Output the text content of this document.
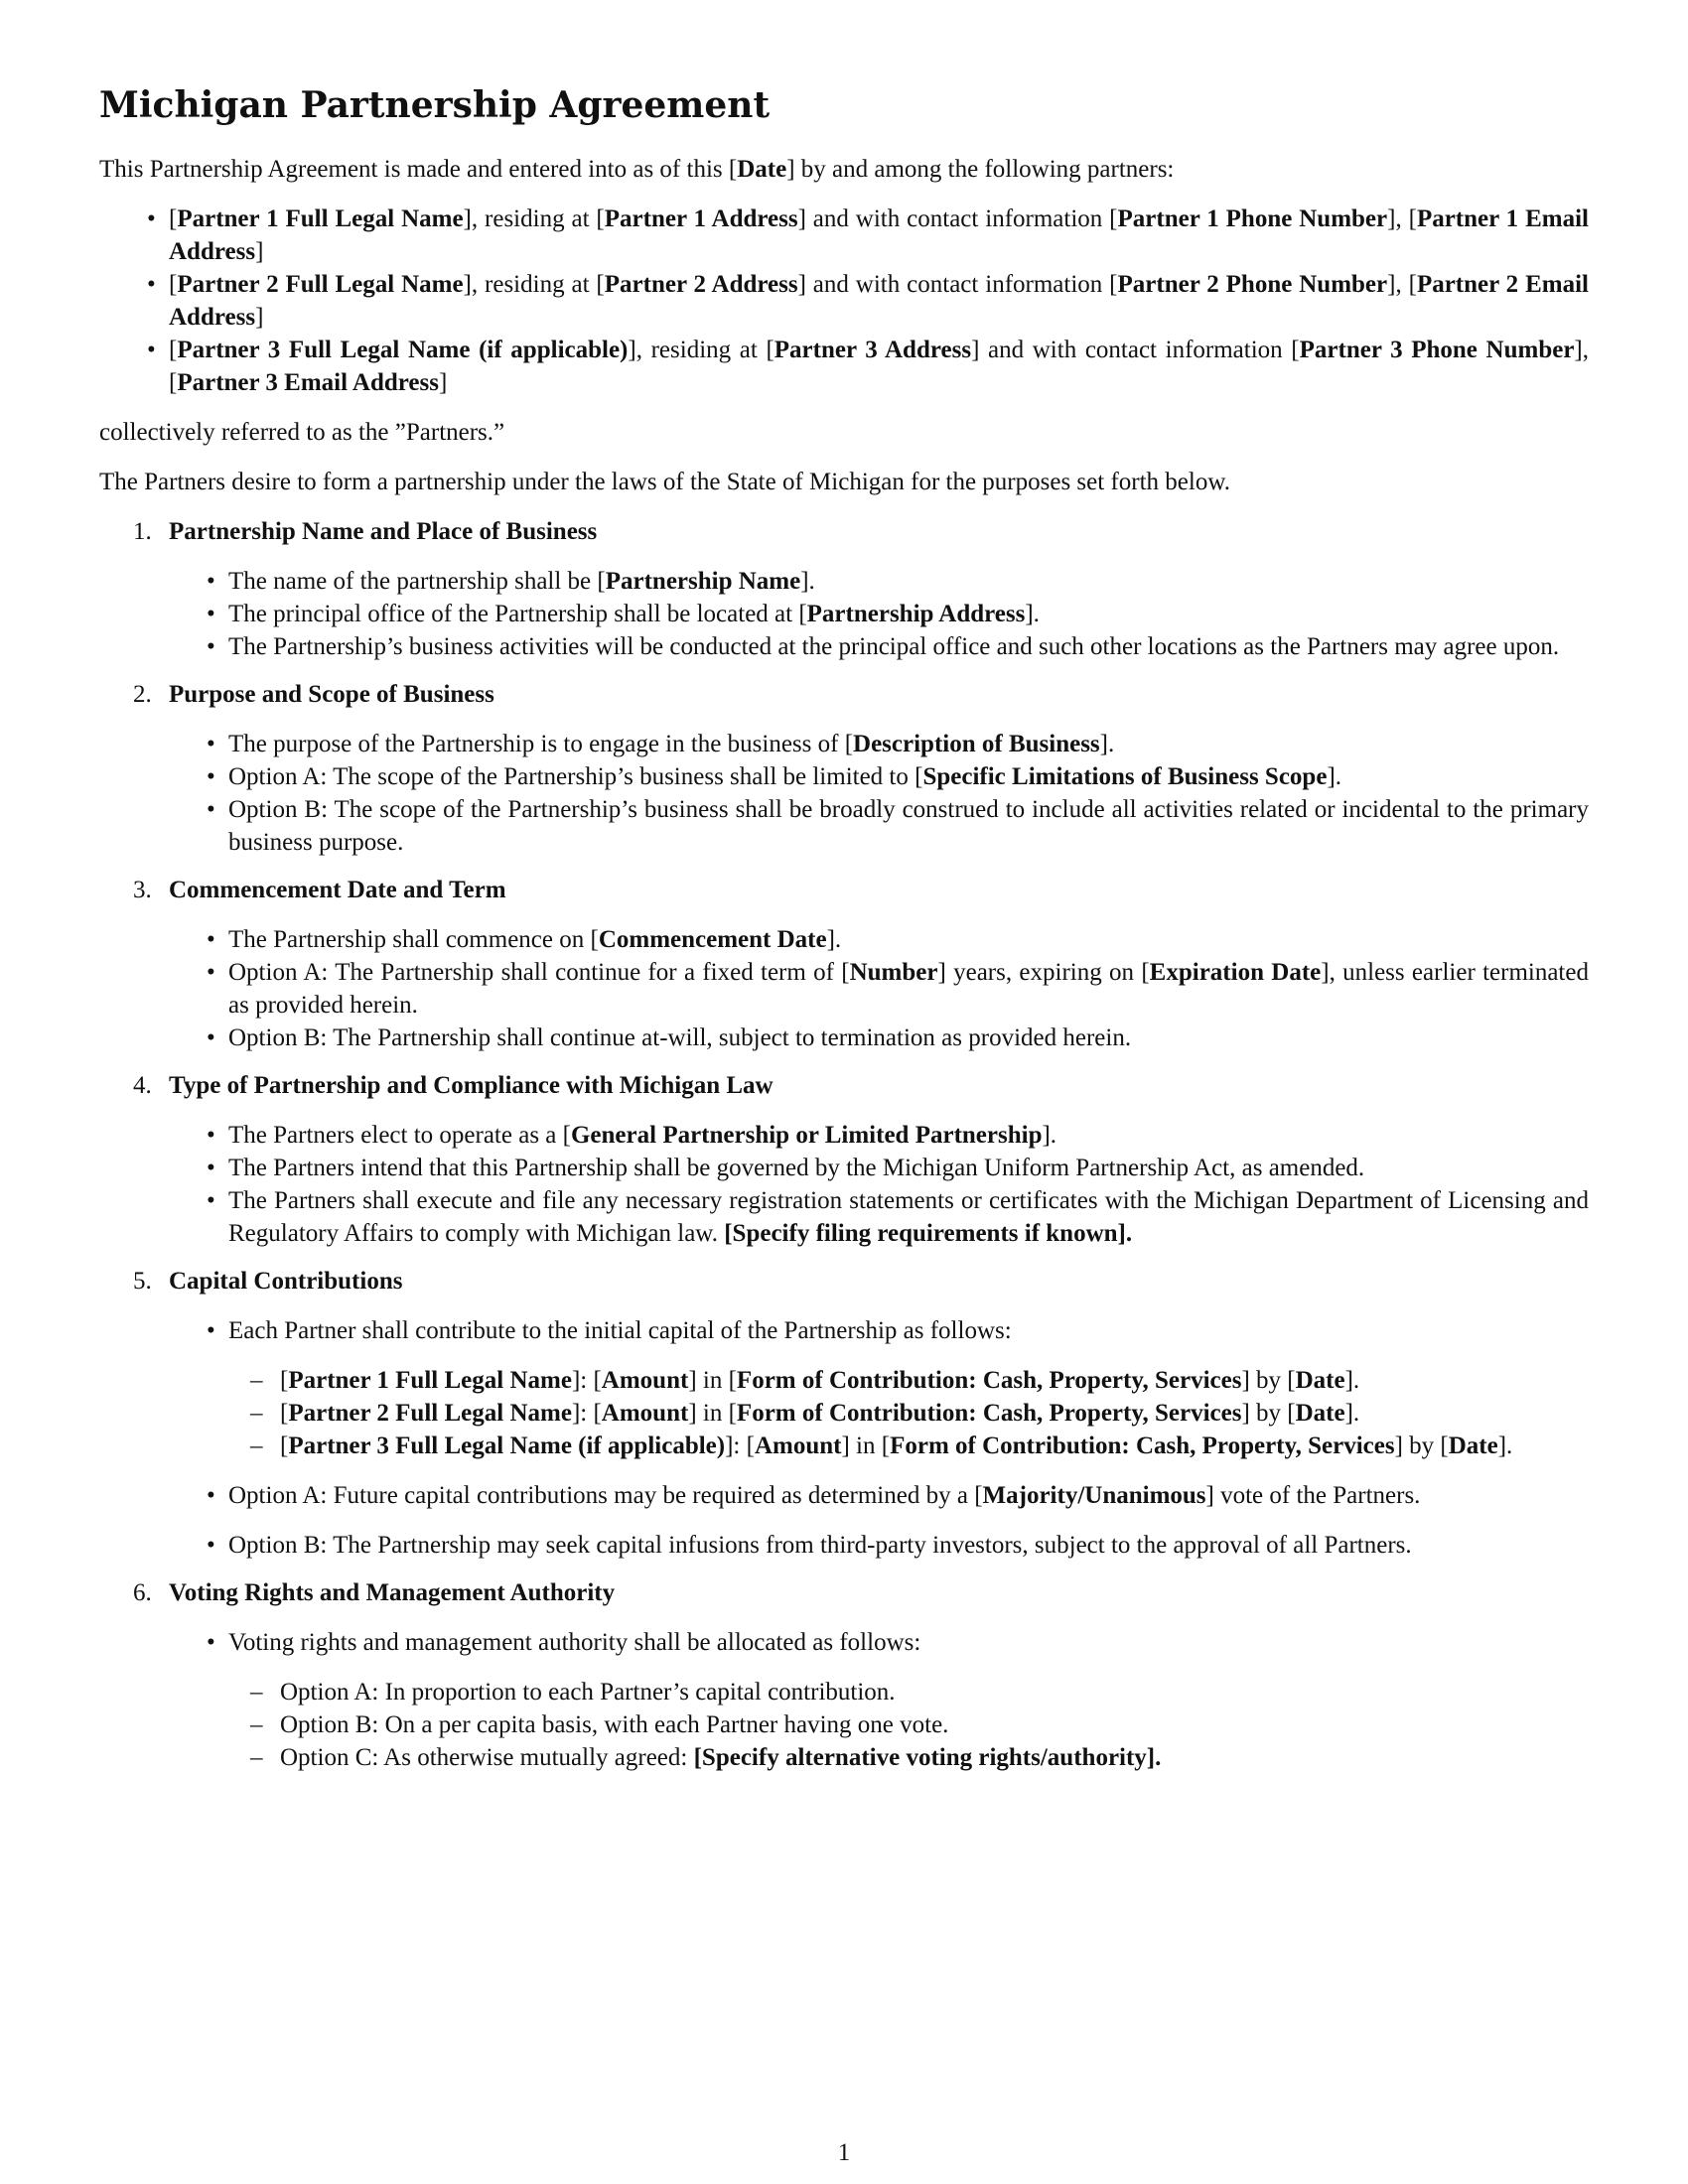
Michigan Partnership Agreement

This Partnership Agreement is made and entered into as of this [Date] by and among the following partners:

• [Partner 1 Full Legal Name], residing at [Partner 1 Address] and with contact information [Partner 1 Phone Number], [Partner 1 Email Address]
• [Partner 2 Full Legal Name], residing at [Partner 2 Address] and with contact information [Partner 2 Phone Number], [Partner 2 Email Address]
• [Partner 3 Full Legal Name (if applicable)], residing at [Partner 3 Address] and with contact information [Partner 3 Phone Number], [Partner 3 Email Address]

collectively referred to as the ”Partners.”

The Partners desire to form a partnership under the laws of the State of Michigan for the purposes set forth below.

1. Partnership Name and Place of Business
• The name of the partnership shall be [Partnership Name].
• The principal office of the Partnership shall be located at [Partnership Address].
• The Partnership’s business activities will be conducted at the principal office and such other locations as the Partners may agree upon.
2. Purpose and Scope of Business
• The purpose of the Partnership is to engage in the business of [Description of Business].
• Option A: The scope of the Partnership’s business shall be limited to [Specific Limitations of Business Scope].
• Option B: The scope of the Partnership’s business shall be broadly construed to include all activities related or incidental to the primary business purpose.
3. Commencement Date and Term
• The Partnership shall commence on [Commencement Date].
• Option A: The Partnership shall continue for a fixed term of [Number] years, expiring on [Expiration Date], unless earlier terminated as provided herein.
• Option B: The Partnership shall continue at-will, subject to termination as provided herein.
4. Type of Partnership and Compliance with Michigan Law
• The Partners elect to operate as a [General Partnership or Limited Partnership].
• The Partners intend that this Partnership shall be governed by the Michigan Uniform Partnership Act, as amended.
• The Partners shall execute and file any necessary registration statements or certificates with the Michigan Department of Licensing and Regulatory Affairs to comply with Michigan law. [Specify filing requirements if known].
5. Capital Contributions
• Each Partner shall contribute to the initial capital of the Partnership as follows:
– [Partner 1 Full Legal Name]: [Amount] in [Form of Contribution: Cash, Property, Services] by [Date].
– [Partner 2 Full Legal Name]: [Amount] in [Form of Contribution: Cash, Property, Services] by [Date].
– [Partner 3 Full Legal Name (if applicable)]: [Amount] in [Form of Contribution: Cash, Property, Services] by [Date].
• Option A: Future capital contributions may be required as determined by a [Majority/Unanimous] vote of the Partners.
• Option B: The Partnership may seek capital infusions from third-party investors, subject to the approval of all Partners.
6. Voting Rights and Management Authority
• Voting rights and management authority shall be allocated as follows:
– Option A: In proportion to each Partner’s capital contribution.
– Option B: On a per capita basis, with each Partner having one vote.
– Option C: As otherwise mutually agreed: [Specify alternative voting rights/authority].
1
